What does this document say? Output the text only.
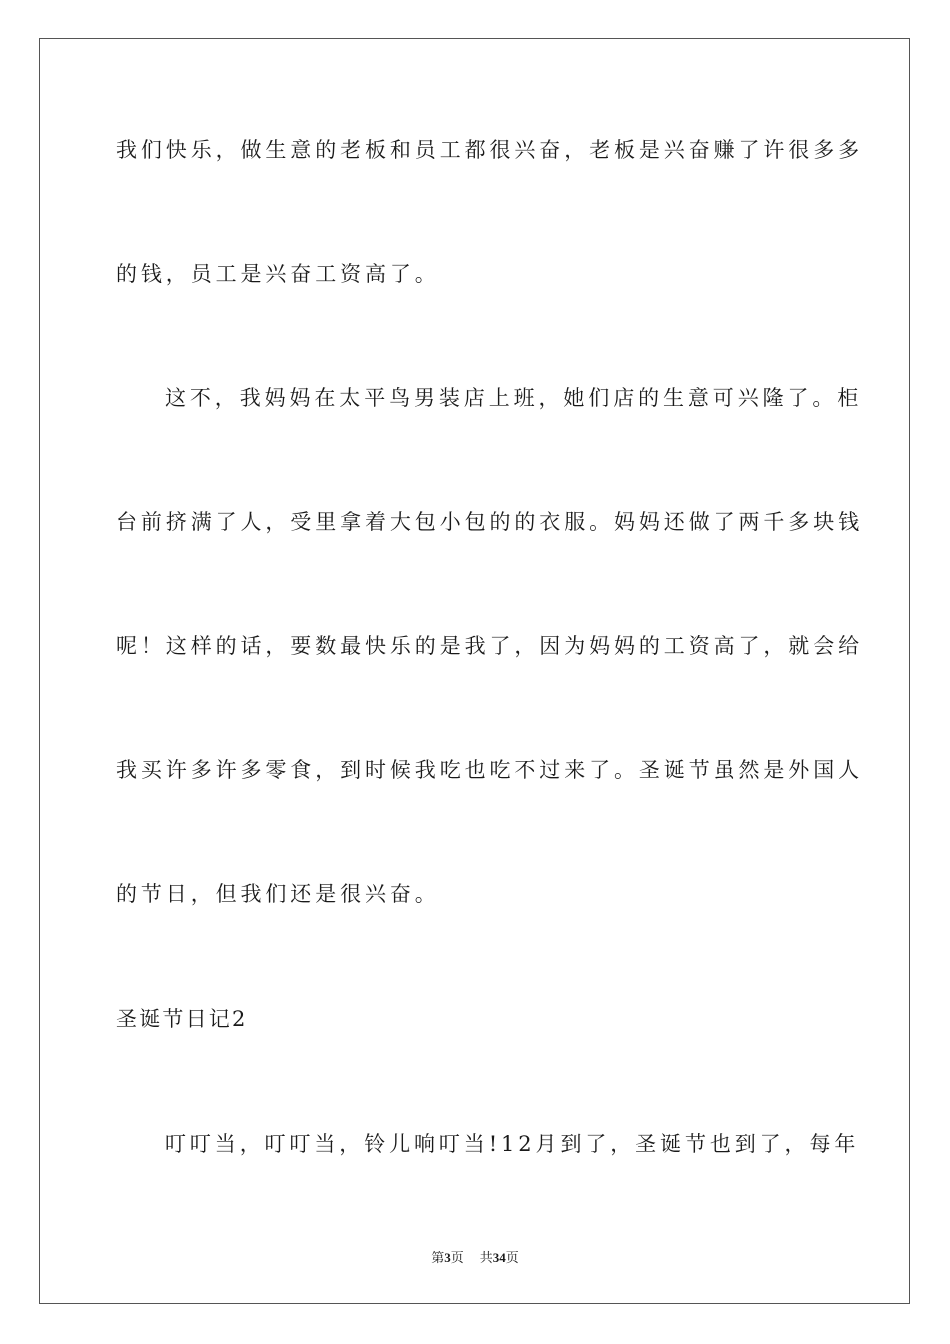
我们快乐，做生意的老板和员工都很兴奋，老板是兴奋赚了许很多多

的钱，员工是兴奋工资高了。

这不，我妈妈在太平鸟男装店上班，她们店的生意可兴隆了。柜

台前挤满了人，受里拿着大包小包的的衣服。妈妈还做了两千多块钱

呢！这样的话，要数最快乐的是我了，因为妈妈的工资高了，就会给

我买许多许多零食，到时候我吃也吃不过来了。圣诞节虽然是外国人

的节日，但我们还是很兴奋。

圣诞节日记2

叮叮当，叮叮当，铃儿响叮当!12月到了，圣诞节也到了，每年

第3页 共34页
